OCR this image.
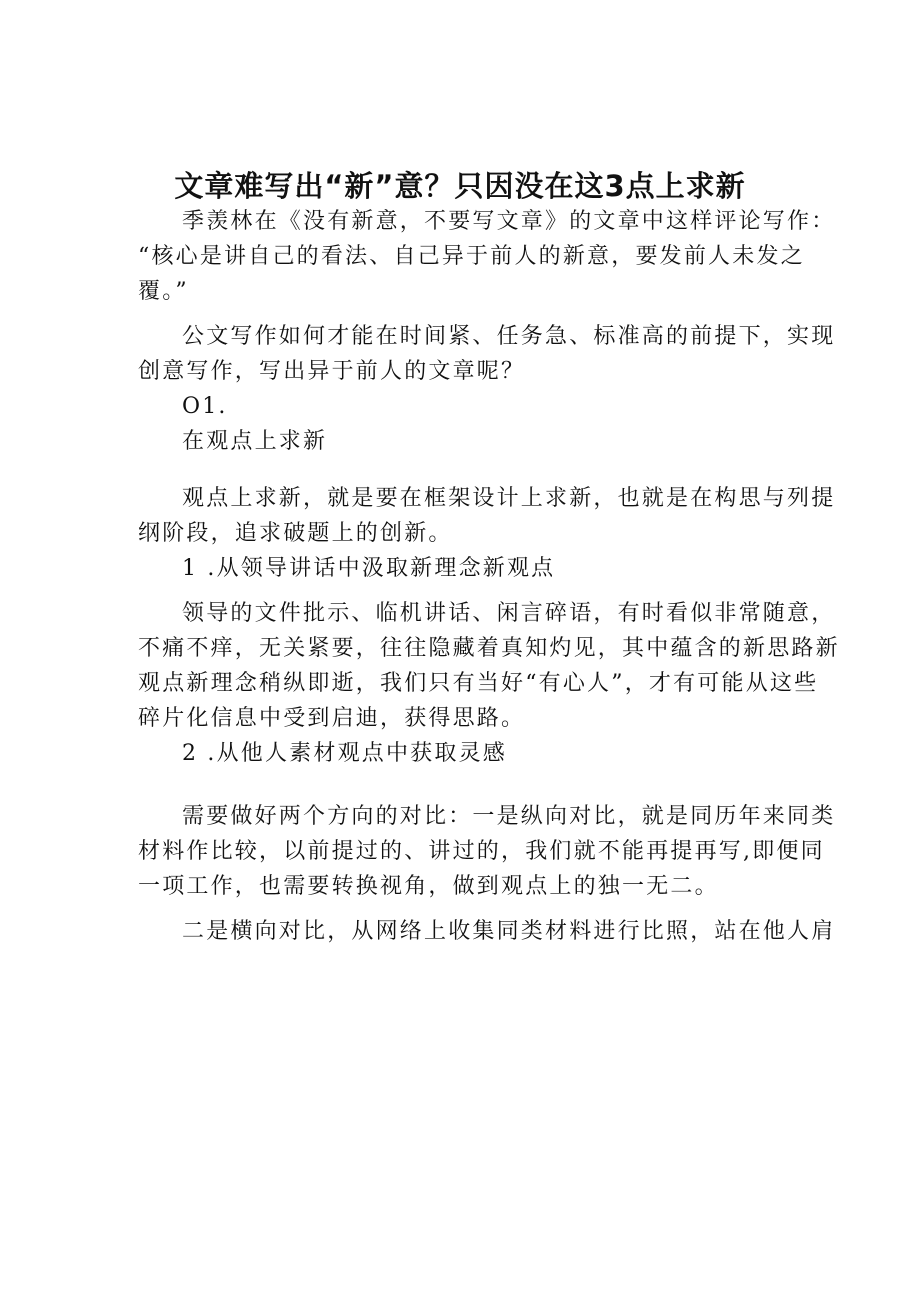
文章难写出“新”意？只因没在这3点上求新

季羡林在《没有新意，不要写文章》的文章中这样评论写作：
“核心是讲自己的看法、自己异于前人的新意，要发前人未发之
覆。”

公文写作如何才能在时间紧、任务急、标准高的前提下，实现
创意写作，写出异于前人的文章呢？

O1.

在观点上求新

观点上求新，就是要在框架设计上求新，也就是在构思与列提
纲阶段，追求破题上的创新。

1 .从领导讲话中汲取新理念新观点

领导的文件批示、临机讲话、闲言碎语，有时看似非常随意，
不痛不痒，无关紧要，往往隐藏着真知灼见，其中蕴含的新思路新
观点新理念稍纵即逝，我们只有当好“有心人”，才有可能从这些
碎片化信息中受到启迪，获得思路。

2 .从他人素材观点中获取灵感

需要做好两个方向的对比：一是纵向对比，就是同历年来同类
材料作比较，以前提过的、讲过的，我们就不能再提再写,即便同
一项工作，也需要转换视角，做到观点上的独一无二。

二是横向对比，从网络上收集同类材料进行比照，站在他人肩
